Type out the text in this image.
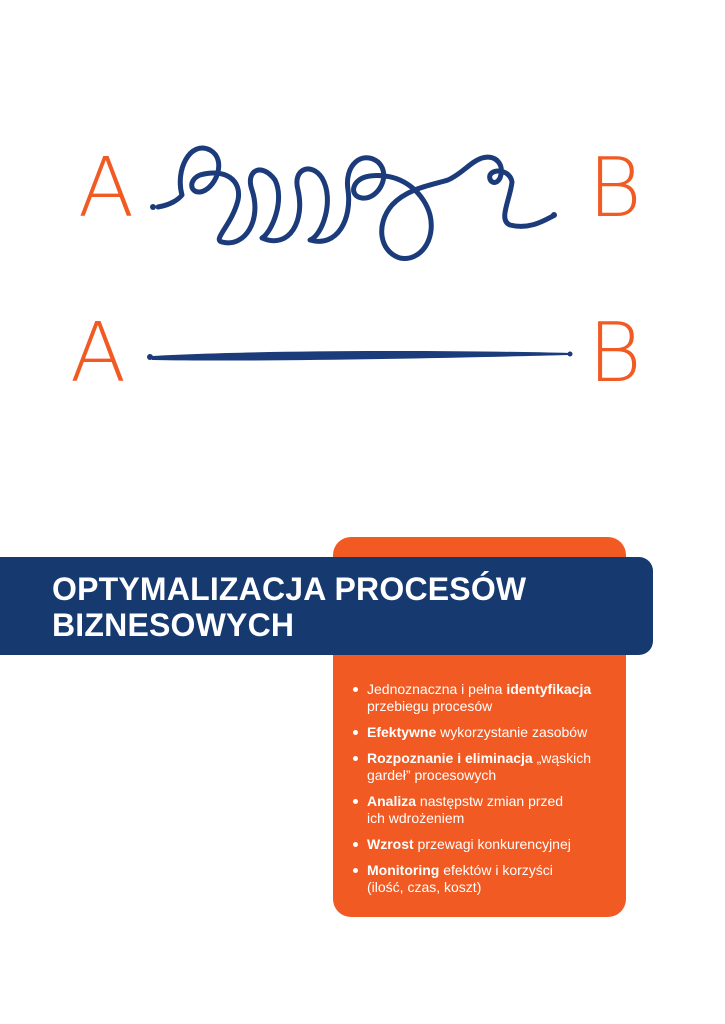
A	B
A	B
OPTYMALIZACJA PROCESÓW
BIZNESOWYCH
Jednoznaczna i pełna identyfikacja
przebiegu procesów
Efektywne wykorzystanie zasobów
Rozpoznanie i eliminacja „wąskich
gardeł” procesowych
Analiza następstw zmian przed
ich wdrożeniem
Wzrost przewagi konkurencyjnej
Monitoring efektów i korzyści
(ilość, czas, koszt)
